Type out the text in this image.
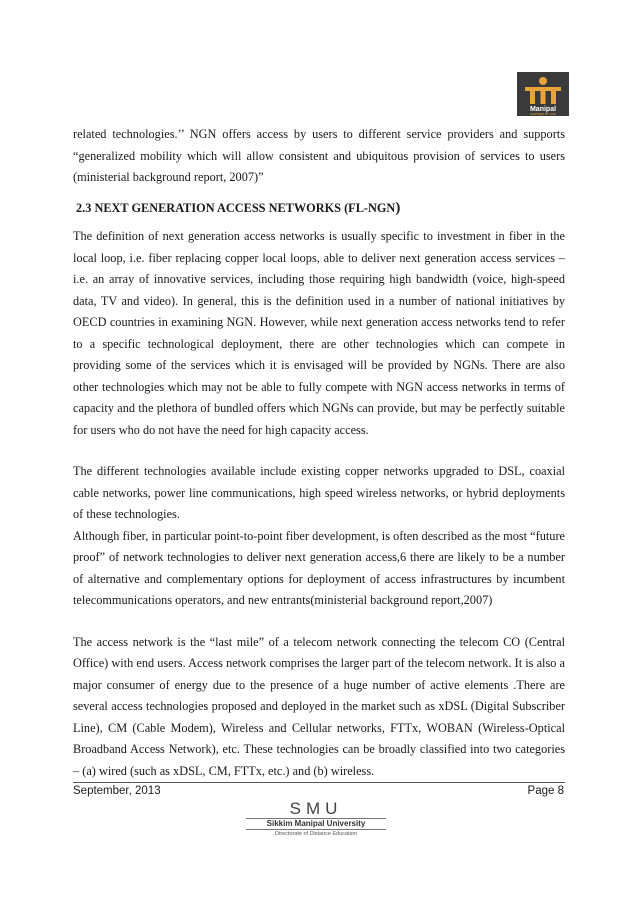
Manipal
INSPIRED BY LIFE

related technologies.’’ NGN offers access by users to different service providers and supports “generalized mobility which will allow consistent and ubiquitous provision of services to users (ministerial background report, 2007)”

2.3 NEXT GENERATION ACCESS NETWORKS (FL-NGN)

The definition of next generation access networks is usually specific to investment in fiber in the local loop, i.e. fiber replacing copper local loops, able to deliver next generation access services – i.e. an array of innovative services, including those requiring high bandwidth (voice, high-speed data, TV and video). In general, this is the definition used in a number of national initiatives by OECD countries in examining NGN. However, while next generation access networks tend to refer to a specific technological deployment, there are other technologies which can compete in providing some of the services which it is envisaged will be provided by NGNs. There are also other technologies which may not be able to fully compete with NGN access networks in terms of capacity and the plethora of bundled offers which NGNs can provide, but may be perfectly suitable for users who do not have the need for high capacity access.

The different technologies available include existing copper networks upgraded to DSL, coaxial cable networks, power line communications, high speed wireless networks, or hybrid deployments of these technologies.

Although fiber, in particular point-to-point fiber development, is often described as the most “future proof” of network technologies to deliver next generation access,6 there are likely to be a number of alternative and complementary options for deployment of access infrastructures by incumbent telecommunications operators, and new entrants(ministerial background report,2007)

The access network is the “last mile” of a telecom network connecting the telecom CO (Central Office) with end users. Access network comprises the larger part of the telecom network. It is also a major consumer of energy due to the presence of a huge number of active elements .There are several access technologies proposed and deployed in the market such as xDSL (Digital Subscriber Line), CM (Cable Modem), Wireless and Cellular networks, FTTx, WOBAN (Wireless-Optical Broadband Access Network), etc. These technologies can be broadly classified into two categories – (a) wired (such as xDSL, CM, FTTx, etc.) and (b) wireless.

September, 2013	Page 8
SMU
Sikkim Manipal University
Directorate of Distance Education
